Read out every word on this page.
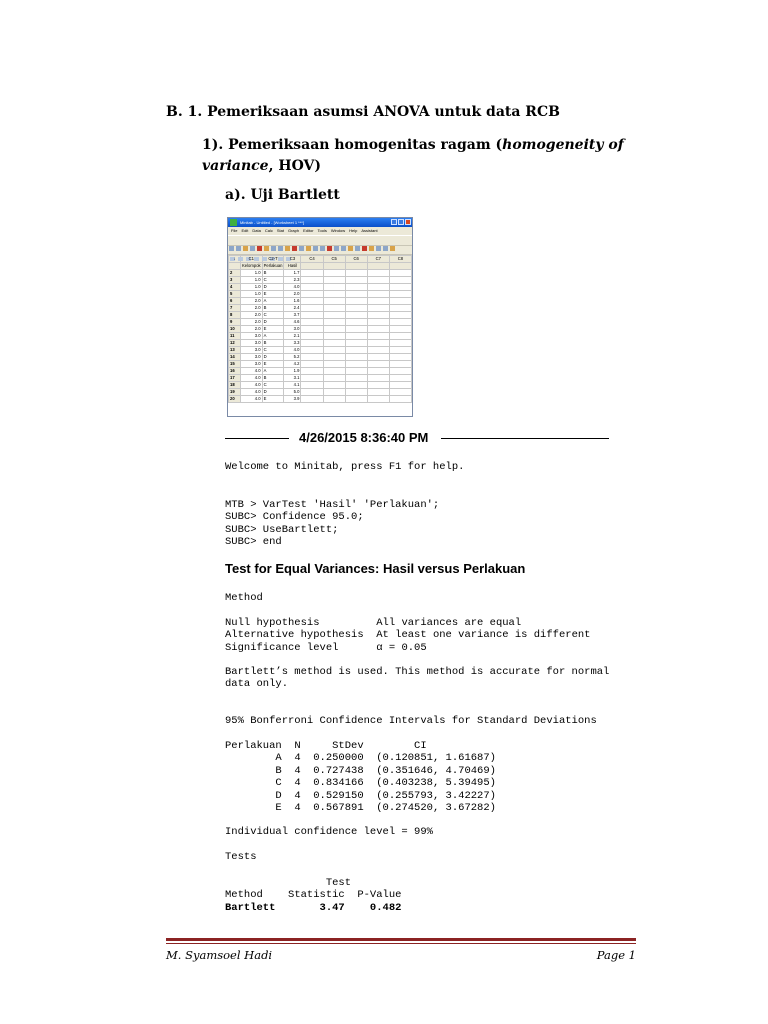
B. 1. Pemeriksaan asumsi ANOVA untuk data RCB
1). Pemeriksaan homogenitas ragam (homogeneity of variance, HOV)
a). Uji Bartlett
Minitab - Untitled - [Worksheet 1 ***]
File Edit Data Calc Stat Graph Editor Tools Window Help Assistant
↓	C1	C2-T	C3	C4	C5	C6	C7	C8
	Kelompok	Perlakuan	Hasil					
2	1.0	B	1.7					
3	1.0	C	2.3					
4	1.0	D	4.0					
5	1.0	E	2.0					
6	2.0	A	1.6					
7	2.0	B	2.4					
8	2.0	C	3.7					
9	2.0	D	4.6					
10	2.0	E	3.0					
11	3.0	A	2.1					
12	3.0	B	3.3					
13	3.0	C	4.0					
14	3.0	D	5.2					
15	3.0	E	4.2					
16	4.0	A	1.9					
17	4.0	B	3.1					
18	4.0	C	4.1					
19	4.0	D	5.0					
20	4.0	E	3.9					
4/26/2015 8:36:40 PM
Welcome to Minitab, press F1 for help.
MTB > VarTest 'Hasil' 'Perlakuan';
SUBC> Confidence 95.0;
SUBC> UseBartlett;
SUBC> end
Test for Equal Variances: Hasil versus Perlakuan
Method
Null hypothesis         All variances are equal
Alternative hypothesis  At least one variance is different
Significance level      α = 0.05
Bartlett’s method is used. This method is accurate for normal
data only.
95% Bonferroni Confidence Intervals for Standard Deviations
Perlakuan  N     StDev        CI
A  4  0.250000  (0.120851, 1.61687)
B  4  0.727438  (0.351646, 4.70469)
C  4  0.834166  (0.403238, 5.39495)
D  4  0.529150  (0.255793, 3.42227)
E  4  0.567891  (0.274520, 3.67282)
Individual confidence level = 99%
Tests
Test
Method    Statistic  P-Value
Bartlett       3.47    0.482
M. Syamsoel Hadi	Page 1
